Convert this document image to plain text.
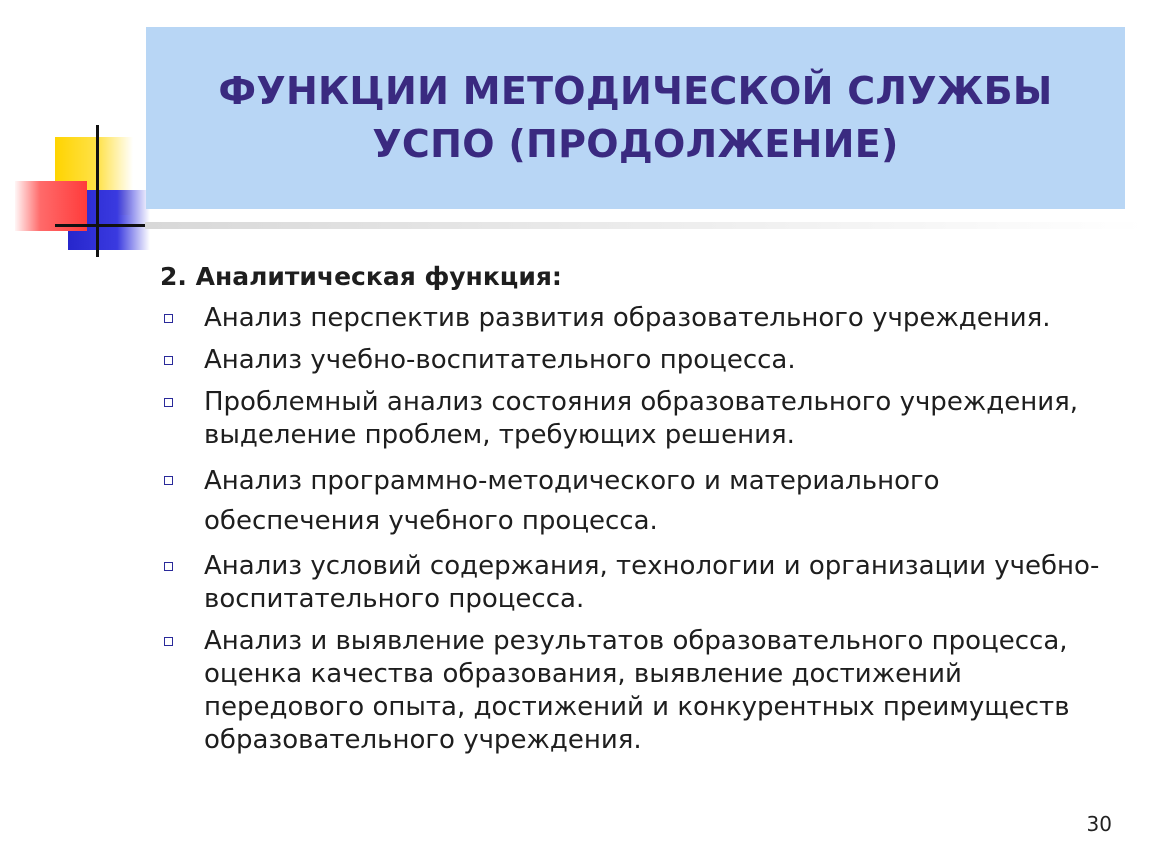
ФУНКЦИИ МЕТОДИЧЕСКОЙ СЛУЖБЫ УСПО (ПРОДОЛЖЕНИЕ)

2. Аналитическая функция:

Анализ перспектив развития образовательного учреждения.
Анализ учебно-воспитательного процесса.
Проблемный анализ состояния образовательного учреждения, выделение проблем, требующих решения.
Анализ программно-методического и материального обеспечения учебного процесса.
Анализ условий содержания, технологии и организации учебно-воспитательного процесса.
Анализ и выявление результатов образовательного процесса, оценка качества образования, выявление достижений передового опыта, достижений и конкурентных преимуществ образовательного учреждения.
30
